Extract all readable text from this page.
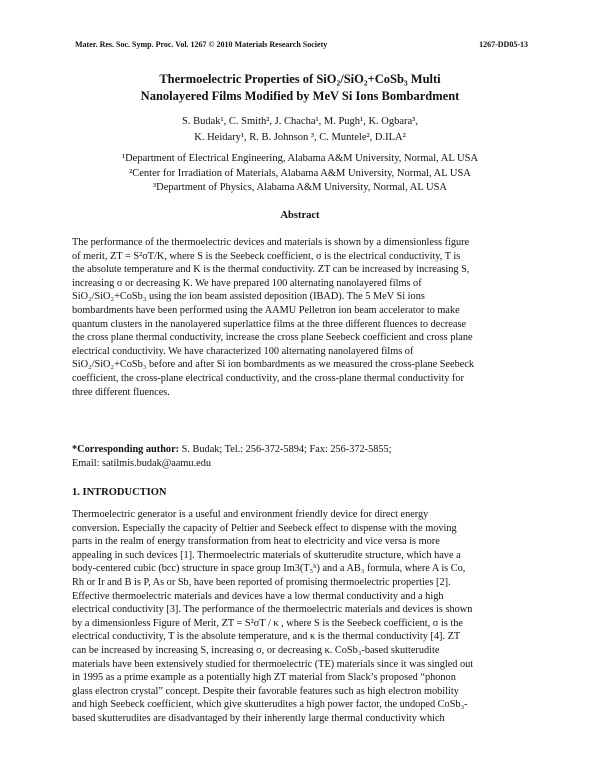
Mater. Res. Soc. Symp. Proc. Vol. 1267 © 2010 Materials Research Society	1267-DD05-13
Thermoelectric Properties of SiO₂/SiO₂+CoSb₃ Multi
Nanolayered Films Modified by MeV Si Ions Bombardment
S. Budak¹, C. Smith², J. Chacha¹, M. Pugh¹, K. Ogbara³,
K. Heidary¹, R. B. Johnson ³, C. Muntele², D.ILA²
¹Department of Electrical Engineering, Alabama A&M University, Normal, AL USA
²Center for Irradiation of Materials, Alabama A&M University, Normal, AL USA
³Department of Physics, Alabama A&M University, Normal, AL USA
Abstract
The performance of the thermoelectric devices and materials is shown by a dimensionless figure
of merit, ZT = S²σT/K, where S is the Seebeck coefficient, σ is the electrical conductivity, T is
the absolute temperature and K is the thermal conductivity. ZT can be increased by increasing S,
increasing σ or decreasing K. We have prepared 100 alternating nanolayered films of
SiO₂/SiO₂+CoSb₃ using the ion beam assisted deposition (IBAD). The 5 MeV Si ions
bombardments have been performed using the AAMU Pelletron ion beam accelerator to make
quantum clusters in the nanolayered superlattice films at the three different fluences to decrease
the cross plane thermal conductivity, increase the cross plane Seebeck coefficient and cross plane
electrical conductivity. We have characterized 100 alternating nanolayered films of
SiO₂/SiO₂+CoSb₃ before and after Si ion bombardments as we measured the cross-plane Seebeck
coefficient, the cross-plane electrical conductivity, and the cross-plane thermal conductivity for
three different fluences.
*Corresponding author: S. Budak; Tel.: 256-372-5894; Fax: 256-372-5855;
Email: satilmis.budak@aamu.edu
1. INTRODUCTION
Thermoelectric generator is a useful and environment friendly device for direct energy
conversion. Especially the capacity of Peltier and Seebeck effect to dispense with the moving
parts in the realm of energy transformation from heat to electricity and vice versa is more
appealing in such devices [1]. Thermoelectric materials of skutterudite structure, which have a
body-centered cubic (bcc) structure in space group Im3(T₅ʰ) and a AB₃ formula, where A is Co,
Rh or Ir and B is P, As or Sb, have been reported of promising thermoelectric properties [2].
Effective thermoelectric materials and devices have a low thermal conductivity and a high
electrical conductivity [3]. The performance of the thermoelectric materials and devices is shown
by a dimensionless Figure of Merit, ZT = S²σT / κ , where S is the Seebeck coefficient, σ is the
electrical conductivity, T is the absolute temperature, and κ is the thermal conductivity [4]. ZT
can be increased by increasing S, increasing σ, or decreasing κ. CoSb₃-based skutterudite
materials have been extensively studied for thermoelectric (TE) materials since it was singled out
in 1995 as a prime example as a potentially high ZT material from Slack’s proposed “phonon
glass electron crystal” concept. Despite their favorable features such as high electron mobility
and high Seebeck coefficient, which give skutterudites a high power factor, the undoped CoSb₃-
based skutterudites are disadvantaged by their inherently large thermal conductivity which
